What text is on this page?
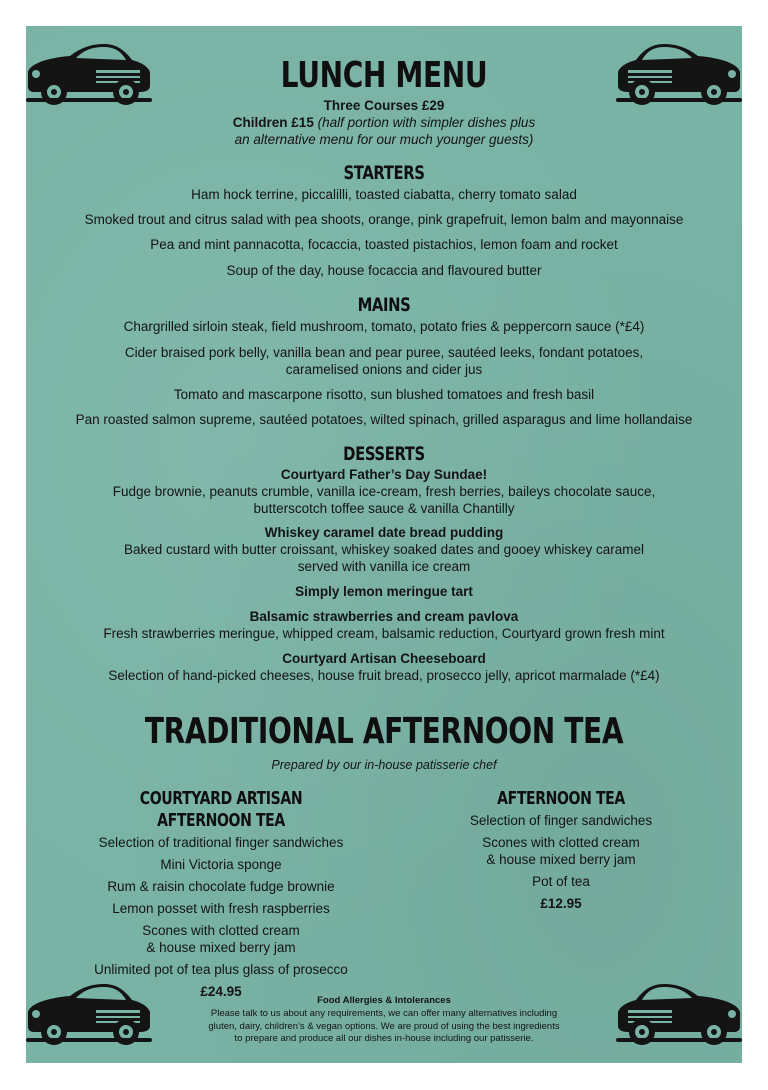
LUNCH MENU
Three Courses £29
Children £15 (half portion with simpler dishes plus
an alternative menu for our much younger guests)
STARTERS
Ham hock terrine, piccalilli, toasted ciabatta, cherry tomato salad
Smoked trout and citrus salad with pea shoots, orange, pink grapefruit, lemon balm and mayonnaise
Pea and mint pannacotta, focaccia, toasted pistachios, lemon foam and rocket
Soup of the day, house focaccia and flavoured butter
MAINS
Chargrilled sirloin steak, field mushroom, tomato, potato fries & peppercorn sauce (*£4)
Cider braised pork belly, vanilla bean and pear puree, sautéed leeks, fondant potatoes,
caramelised onions and cider jus
Tomato and mascarpone risotto, sun blushed tomatoes and fresh basil
Pan roasted salmon supreme, sautéed potatoes, wilted spinach, grilled asparagus and lime hollandaise
DESSERTS
Courtyard Father’s Day Sundae!
Fudge brownie, peanuts crumble, vanilla ice-cream, fresh berries, baileys chocolate sauce,
butterscotch toffee sauce & vanilla Chantilly
Whiskey caramel date bread pudding
Baked custard with butter croissant, whiskey soaked dates and gooey whiskey caramel
served with vanilla ice cream
Simply lemon meringue tart
Balsamic strawberries and cream pavlova
Fresh strawberries meringue, whipped cream, balsamic reduction, Courtyard grown fresh mint
Courtyard Artisan Cheeseboard
Selection of hand-picked cheeses, house fruit bread, prosecco jelly, apricot marmalade (*£4)
TRADITIONAL AFTERNOON TEA
Prepared by our in-house patisserie chef
COURTYARD ARTISAN AFTERNOON TEA
Selection of traditional finger sandwiches
Mini Victoria sponge
Rum & raisin chocolate fudge brownie
Lemon posset with fresh raspberries
Scones with clotted cream
& house mixed berry jam
Unlimited pot of tea plus glass of prosecco
£24.95
AFTERNOON TEA
Selection of finger sandwiches
Scones with clotted cream
& house mixed berry jam
Pot of tea
£12.95
Food Allergies & Intolerances
Please talk to us about any requirements, we can offer many alternatives including
gluten, dairy, children’s & vegan options. We are proud of using the best ingredients
to prepare and produce all our dishes in-house including our patisserie.
